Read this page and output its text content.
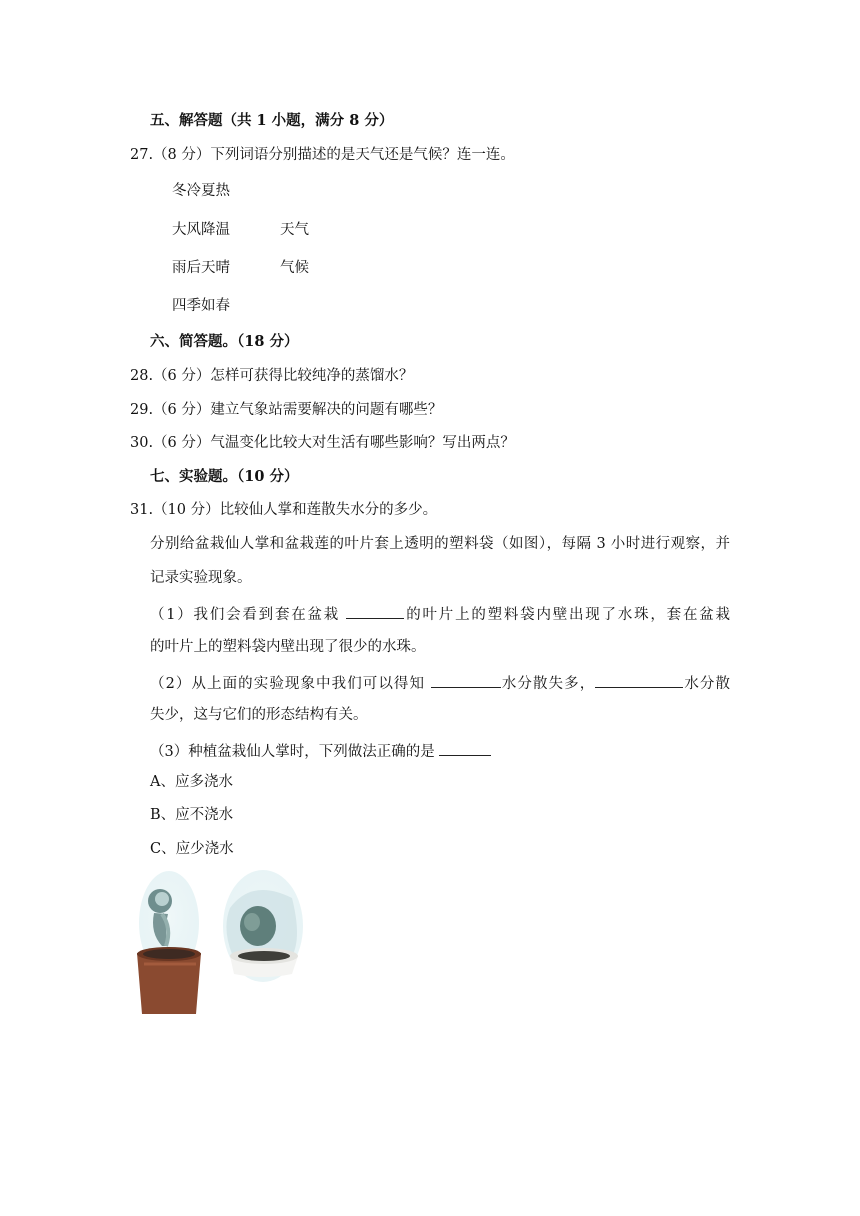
五、解答题（共 1 小题，满分 8 分）
27.（8 分）下列词语分别描述的是天气还是气候？连一连。
冬冷夏热
大风降温	天气
雨后天晴	气候
四季如春
六、简答题。（18 分）
28.（6 分）怎样可获得比较纯净的蒸馏水？
29.（6 分）建立气象站需要解决的问题有哪些？
30.（6 分）气温变化比较大对生活有哪些影响？写出两点？
七、实验题。（10 分）
31.（10 分）比较仙人掌和莲散失水分的多少。
分别给盆栽仙人掌和盆栽莲的叶片套上透明的塑料袋（如图），每隔 3 小时进行观察，并
记录实验现象。
（1）我们会看到套在盆栽	的叶片上的塑料袋内壁出现了水珠，套在盆栽
的叶片上的塑料袋内壁出现了很少的水珠。
（2）从上面的实验现象中我们可以得知	水分散失多，	水分散
失少，这与它们的形态结构有关。
（3）种植盆栽仙人掌时，下列做法正确的是
A、应多浇水
B、应不浇水
C、应少浇水
